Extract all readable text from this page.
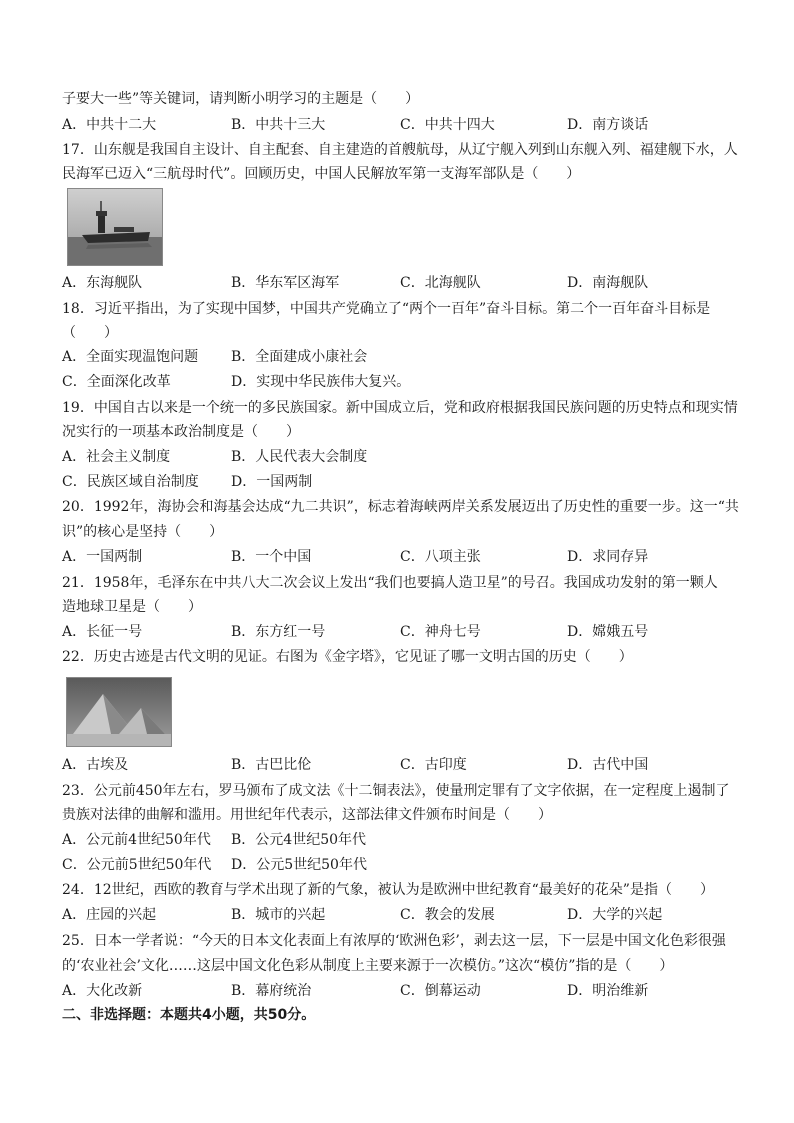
子要大一些”等关键词，请判断小明学习的主题是（　　）
A．中共十二大	B．中共十三大	C．中共十四大	D．南方谈话
17．山东舰是我国自主设计、自主配套、自主建造的首艘航母，从辽宁舰入列到山东舰入列、福建舰下水，人
民海军已迈入“三航母时代”。回顾历史，中国人民解放军第一支海军部队是（　　）
A．东海舰队	B．华东军区海军	C．北海舰队	D．南海舰队
18．习近平指出，为了实现中国梦，中国共产党确立了“两个一百年”奋斗目标。第二个一百年奋斗目标是
（　　）
A．全面实现温饱问题 B．全面建成小康社会
C．全面深化改革	D．实现中华民族伟大复兴。
19．中国自古以来是一个统一的多民族国家。新中国成立后，党和政府根据我国民族问题的历史特点和现实情
况实行的一项基本政治制度是（　　）
A．社会主义制度	B．人民代表大会制度
C．民族区域自治制度 D．一国两制
20．1992年，海协会和海基会达成“九二共识”，标志着海峡两岸关系发展迈出了历史性的重要一步。这一“共
识”的核心是坚持（　　）
A．一国两制	B．一个中国	C．八项主张	D．求同存异
21．1958年，毛泽东在中共八大二次会议上发出“我们也要搞人造卫星”的号召。我国成功发射的第一颗人
造地球卫星是（　　）
A．长征一号	B．东方红一号	C．神舟七号	D．嫦娥五号
22．历史古迹是古代文明的见证。右图为《金字塔》，它见证了哪一文明古国的历史（　　）
A．古埃及	B．古巴比伦	C．古印度	D．古代中国
23．公元前450年左右，罗马颁布了成文法《十二铜表法》，使量刑定罪有了文字依据，在一定程度上遏制了
贵族对法律的曲解和滥用。用世纪年代表示，这部法律文件颁布时间是（　　）
A．公元前4世纪50年代 B．公元4世纪50年代
C．公元前5世纪50年代 D．公元5世纪50年代
24．12世纪，西欧的教育与学术出现了新的气象，被认为是欧洲中世纪教育“最美好的花朵”是指（　　）
A．庄园的兴起	B．城市的兴起	C．教会的发展	D．大学的兴起
25．日本一学者说：“今天的日本文化表面上有浓厚的‘欧洲色彩’，剥去这一层，下一层是中国文化色彩很强
的‘农业社会’文化……这层中国文化色彩从制度上主要来源于一次模仿。”这次“模仿”指的是（　　）
A．大化改新	B．幕府统治	C．倒幕运动	D．明治维新
二、非选择题：本题共4小题，共50分。
